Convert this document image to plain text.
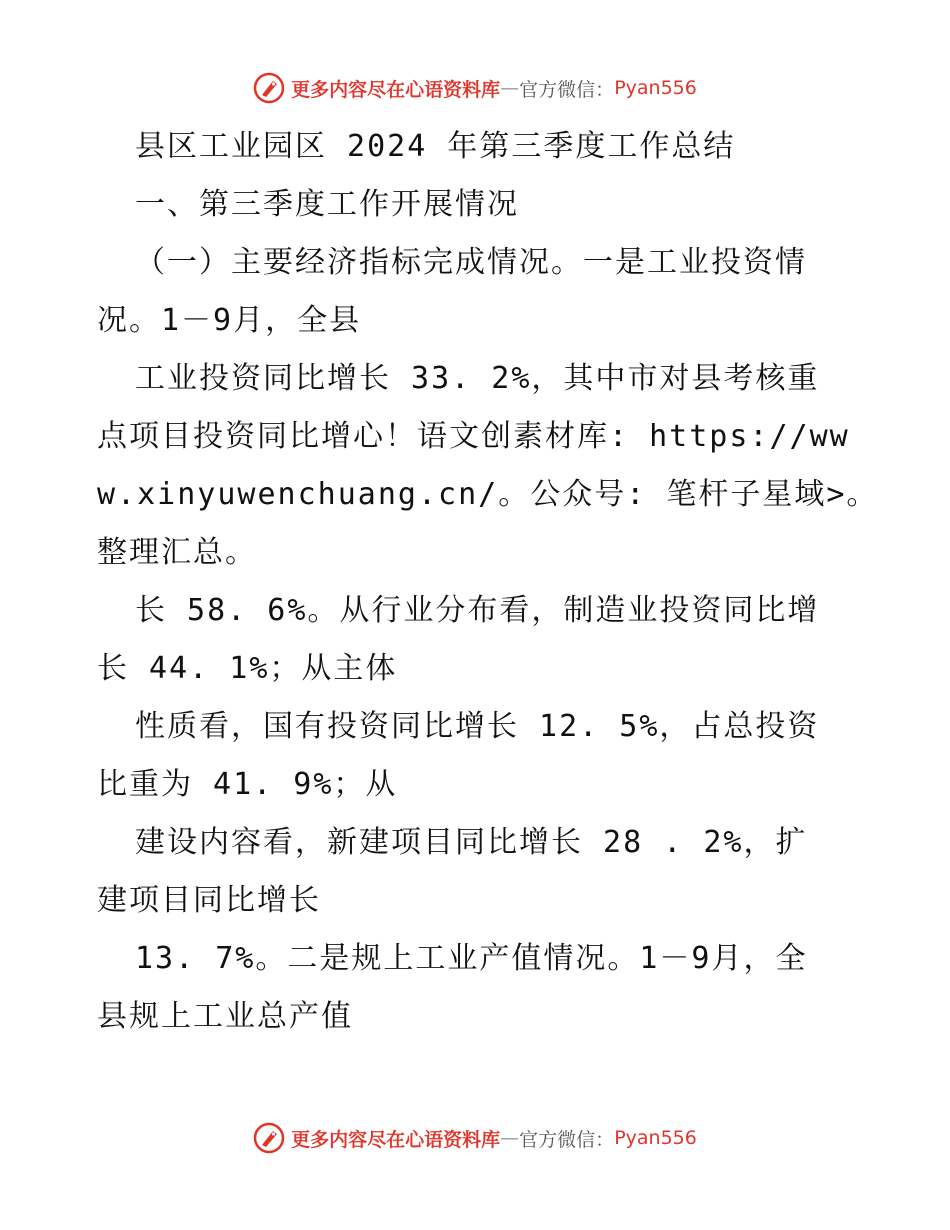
更多内容尽在心语资料库 — 官方微信： Pyan556
县区工业园区 2024 年第三季度工作总结
一、第三季度工作开展情况
（一）主要经济指标完成情况。一是工业投资情
况。1－9月，全县
工业投资同比增长 33. 2%，其中市对县考核重
点项目投资同比增心！语文创素材库: https://ww
w.xinyuwenchuang.cn/。公众号: 笔杆子星域>。
整理汇总。
长 58. 6%。从行业分布看，制造业投资同比增
长 44. 1%；从主体
性质看，国有投资同比增长 12. 5%，占总投资
比重为 41. 9%；从
建设内容看，新建项目同比增长 28 . 2%，扩
建项目同比增长
13. 7%。二是规上工业产值情况。1－9月，全
县规上工业总产值
更多内容尽在心语资料库 — 官方微信： Pyan556
